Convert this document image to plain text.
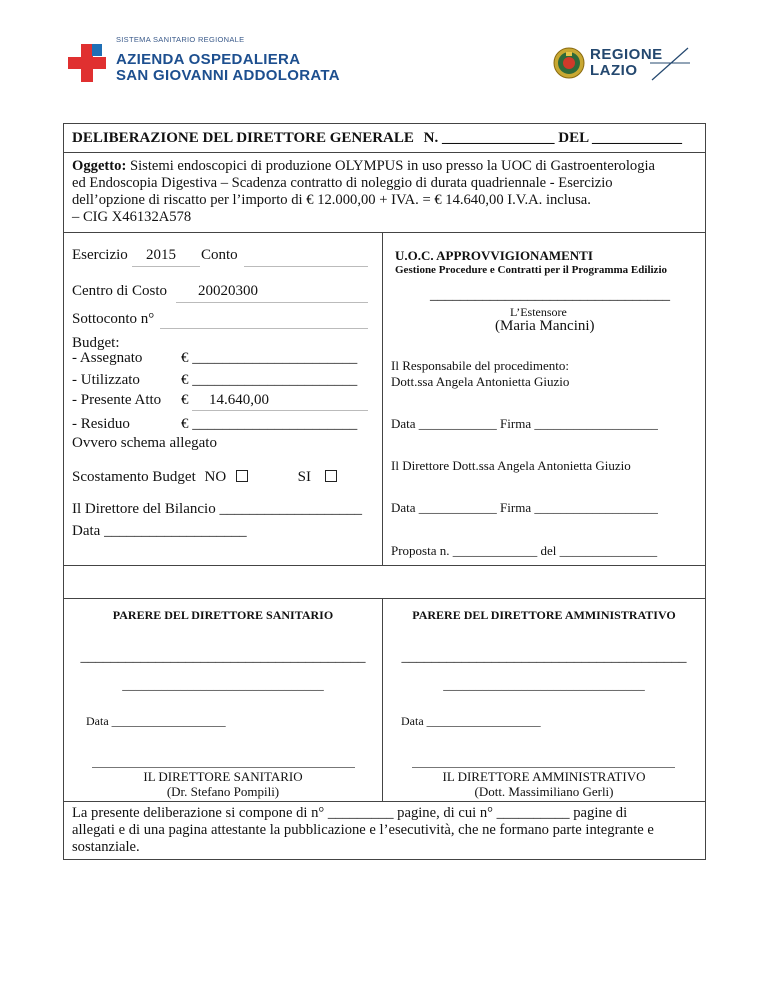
SISTEMA SANITARIO REGIONALE
AZIENDA OSPEDALIERA
SAN GIOVANNI ADDOLORATA
REGIONE
LAZIO
DELIBERAZIONE DEL DIRETTORE GENERALE N. _______________ DEL ____________
Oggetto: Sistemi endoscopici di produzione OLYMPUS in uso presso la UOC di Gastroenterologia
ed Endoscopia Digestiva – Scadenza contratto di noleggio di durata quadriennale - Esercizio
dell’opzione di riscatto per l’importo di € 12.000,00 + IVA. = € 14.640,00 I.V.A. inclusa.
– CIG X46132A578
Esercizio 2015 Conto
Centro di Costo 20020300
Sottoconto n°
Budget:
- Assegnato	€ ______________________
- Utilizzato	€ ______________________
- Presente Atto € 14.640,00
- Residuo	€ ______________________
Ovvero schema allegato
Scostamento Budget NO	SI
Il Direttore del Bilancio ___________________
Data ___________________
U.O.C. APPROVVIGIONAMENTI
Gestione Procedure e Contratti per il Programma Edilizio
________________________________
L’Estensore
(Maria Mancini)
Il Responsabile del procedimento:
Dott.ssa Angela Antonietta Giuzio
Data ____________ Firma ___________________
Il Direttore Dott.ssa Angela Antonietta Giuzio
Data ____________ Firma ___________________
Proposta n. _____________ del _______________
PARERE DEL DIRETTORE SANITARIO	PARERE DEL DIRETTORE AMMINISTRATIVO
______________________________________	______________________________________
_______________________________	_______________________________
Data ___________________	Data ___________________
IL DIRETTORE SANITARIO	IL DIRETTORE AMMINISTRATIVO
(Dr. Stefano Pompili)	(Dott. Massimiliano Gerli)
La presente deliberazione si compone di n° _________ pagine, di cui n° __________ pagine di
allegati e di una pagina attestante la pubblicazione e l’esecutività, che ne formano parte integrante e
sostanziale.
